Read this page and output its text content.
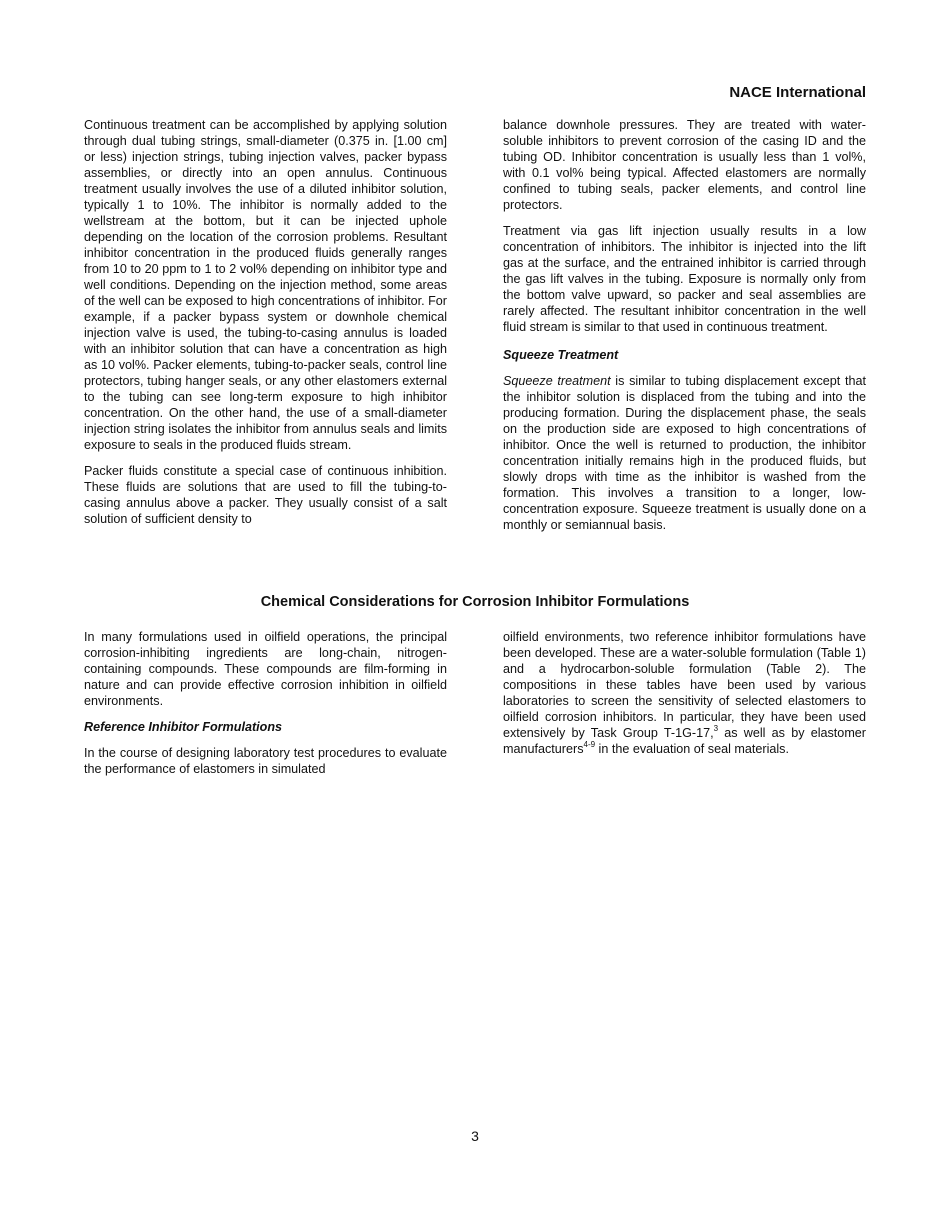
NACE International

Continuous treatment can be accomplished by applying solution through dual tubing strings, small-diameter (0.375 in. [1.00 cm] or less) injection strings, tubing injection valves, packer bypass assemblies, or directly into an open annulus. Continuous treatment usually involves the use of a diluted inhibitor solution, typically 1 to 10%. The inhibitor is normally added to the wellstream at the bottom, but it can be injected uphole depending on the location of the corrosion problems. Resultant inhibitor concentration in the produced fluids generally ranges from 10 to 20 ppm to 1 to 2 vol% depending on inhibitor type and well conditions. Depending on the injection method, some areas of the well can be exposed to high concentrations of inhibitor. For example, if a packer bypass system or downhole chemical injection valve is used, the tubing-to-casing annulus is loaded with an inhibitor solution that can have a concentration as high as 10 vol%. Packer elements, tubing-to-packer seals, control line protectors, tubing hanger seals, or any other elastomers external to the tubing can see long-term exposure to high inhibitor concentration. On the other hand, the use of a small-diameter injection string isolates the inhibitor from annulus seals and limits exposure to seals in the produced fluids stream.

Packer fluids constitute a special case of continuous inhibition. These fluids are solutions that are used to fill the tubing-to-casing annulus above a packer. They usually consist of a salt solution of sufficient density to

balance downhole pressures. They are treated with water-soluble inhibitors to prevent corrosion of the casing ID and the tubing OD. Inhibitor concentration is usually less than 1 vol%, with 0.1 vol% being typical. Affected elastomers are normally confined to tubing seals, packer elements, and control line protectors.

Treatment via gas lift injection usually results in a low concentration of inhibitors. The inhibitor is injected into the lift gas at the surface, and the entrained inhibitor is carried through the gas lift valves in the tubing. Exposure is normally only from the bottom valve upward, so packer and seal assemblies are rarely affected. The resultant inhibitor concentration in the well fluid stream is similar to that used in continuous treatment.

Squeeze Treatment

Squeeze treatment is similar to tubing displacement except that the inhibitor solution is displaced from the tubing and into the producing formation. During the displacement phase, the seals on the production side are exposed to high concentrations of inhibitor. Once the well is returned to production, the inhibitor concentration initially remains high in the produced fluids, but slowly drops with time as the inhibitor is washed from the formation. This involves a transition to a longer, low-concentration exposure. Squeeze treatment is usually done on a monthly or semiannual basis.

Chemical Considerations for Corrosion Inhibitor Formulations

In many formulations used in oilfield operations, the principal corrosion-inhibiting ingredients are long-chain, nitrogen-containing compounds. These compounds are film-forming in nature and can provide effective corrosion inhibition in oilfield environments.

Reference Inhibitor Formulations

In the course of designing laboratory test procedures to evaluate the performance of elastomers in simulated

oilfield environments, two reference inhibitor formulations have been developed. These are a water-soluble formulation (Table 1) and a hydrocarbon-soluble formulation (Table 2). The compositions in these tables have been used by various laboratories to screen the sensitivity of selected elastomers to oilfield corrosion inhibitors. In particular, they have been used extensively by Task Group T-1G-17,$^3$ as well as by elastomer manufacturers$^{4-9}$ in the evaluation of seal materials.

3
